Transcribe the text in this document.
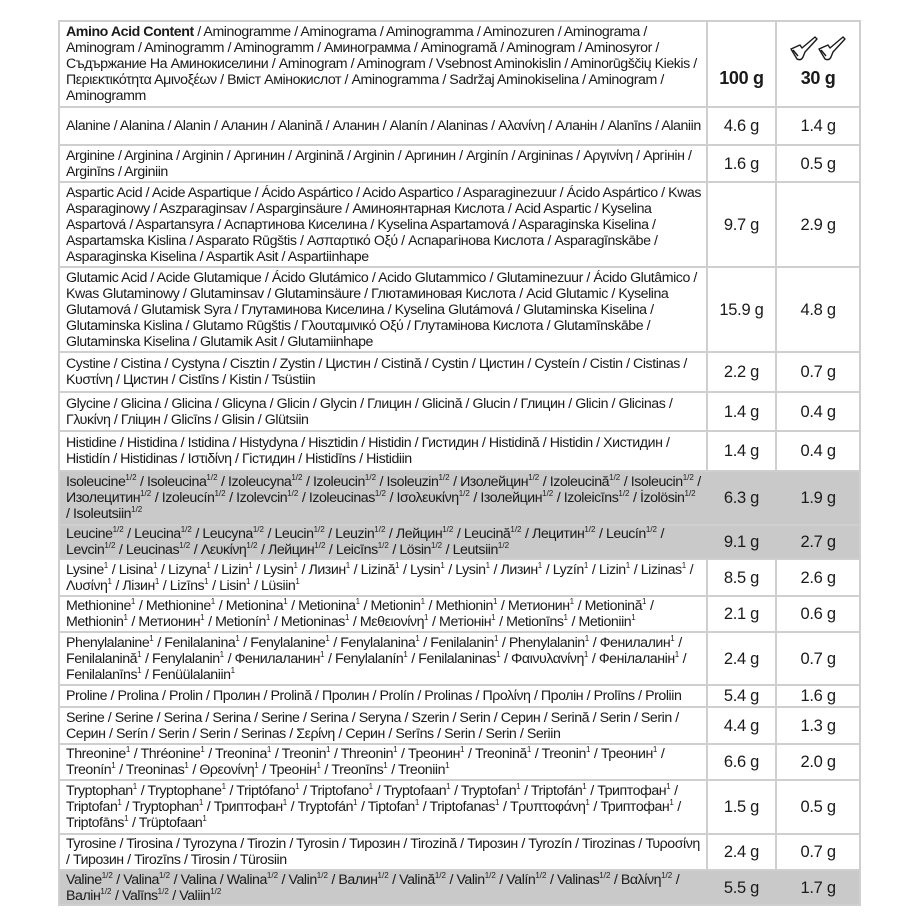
Amino Acid Content / Aminogramme / Aminograma / Aminogramma / Aminozuren / Aminograma / Aminogram / Aminogramm / Aminogramm / Аминограмма / Aminogramă / Aminogram / Aminosyror / Съдържание На Аминокиселини / Aminogram / Aminogram / Vsebnost Aminokislin / Aminorūgščių Kiekis / Περιεκτικότητα Αμινοξέων / Вміст Амінокислот / Aminogramma / Sadržaj Aminokiselina / Aminogram / Aminogramm	100 g	30 g
Alanine / Alanina / Alanin / Аланин / Alanină / Аланин / Alanín / Alaninas / Αλανίνη / Аланін / Alanīns / Alaniin	4.6 g	1.4 g
Arginine / Arginina / Arginin / Аргинин / Arginină / Arginin / Аргинин / Arginín / Argininas / Αργινίνη / Аргінін / Arginīns / Arginiin	1.6 g	0.5 g
Aspartic Acid / Acide Aspartique / Ácido Aspártico / Acido Aspartico / Asparaginezuur / Ácido Aspártico / Kwas Asparaginowy / Aszparaginsav / Asparginsäure / Аминоянтарная Кислота / Acid Aspartic / Kyselina Aspartová / Aspartansyra / Аспартинова Киселина / Kyselina Aspartamová / Asparaginska Kiselina / Aspartamska Kislina / Asparato Rūgštis / Ασπαρτικό Οξύ / Аспарагінова Кислота / Asparagīnskābe / Asparaginska Kiselina / Aspartik Asit / Aspartiinhape	9.7 g	2.9 g
Glutamic Acid / Acide Glutamique / Ácido Glutámico / Acido Glutammico / Glutaminezuur / Ácido Glutâmico / Kwas Glutaminowy / Glutaminsav / Glutaminsäure / Глютаминовая Кислота / Acid Glutamic / Kyselina Glutamová / Glutamisk Syra / Глутаминова Киселина / Kyselina Glutámová / Glutaminska Kiselina / Glutaminska Kislina / Glutamo Rūgštis / Γλουταμινικό Οξύ / Глутамінова Кислота / Glutamīnskābe / Glutaminska Kiselina / Glutamik Asit / Glutamiinhape	15.9 g	4.8 g
Cystine / Cistina / Cystyna / Cisztin / Zystin / Цистин / Cistină / Cystin / Цистин / Cysteín / Cistin / Cistinas / Κυστίνη / Цистин / Cistīns / Kistin / Tsüstiin	2.2 g	0.7 g
Glycine / Glicina / Glicina / Glicyna / Glicin / Glycin / Глицин / Glicină / Glucin / Глицин / Glicin / Glicinas / Γλυκίνη / Гліцин / Glicīns / Glisin / Glütsiin	1.4 g	0.4 g
Histidine / Histidina / Istidina / Histydyna / Hisztidin / Histidin / Гистидин / Histidină / Histidin / Хистидин / Histidín / Histidinas / Ιστιδίνη / Гістидин / Histidīns / Histidiin	1.4 g	0.4 g
Isoleucine$^{1/2}$ / Isoleucina$^{1/2}$ / Izoleucyna$^{1/2}$ / Izoleucin$^{1/2}$ / Isoleuzin$^{1/2}$ / Изолейцин$^{1/2}$ / Izoleucină$^{1/2}$ / Isoleucin$^{1/2}$ / Изолецитин$^{1/2}$ / Izoleucín$^{1/2}$ / Izolevcin$^{1/2}$ / Izoleucinas$^{1/2}$ / Ισολευκίνη$^{1/2}$ / Ізолейцин$^{1/2}$ / Izoleicīns$^{1/2}$ / İzolösin$^{1/2}$ / Isoleutsiin$^{1/2}$	6.3 g	1.9 g
Leucine$^{1/2}$ / Leucina$^{1/2}$ / Leucyna$^{1/2}$ / Leucin$^{1/2}$ / Leuzin$^{1/2}$ / Лейцин$^{1/2}$ / Leucină$^{1/2}$ / Лецитин$^{1/2}$ / Leucín$^{1/2}$ / Levcin$^{1/2}$ / Leucinas$^{1/2}$ / Λευκίνη$^{1/2}$ / Лейцин$^{1/2}$ / Leicīns$^{1/2}$ / Lösin$^{1/2}$ / Leutsiin$^{1/2}$	9.1 g	2.7 g
Lysine$^1$ / Lisina$^1$ / Lizyna$^1$ / Lizin$^1$ / Lysin$^1$ / Лизин$^1$ / Lizină$^1$ / Lysin$^1$ / Lysin$^1$ / Лизин$^1$ / Lyzín$^1$ / Lizin$^1$ / Lizinas$^1$ / Λυσίνη$^1$ / Лізин$^1$ / Lizīns$^1$ / Lisin$^1$ / Lüsiin$^1$	8.5 g	2.6 g
Methionine$^1$ / Methionine$^1$ / Metionina$^1$ / Metionina$^1$ / Metionin$^1$ / Methionin$^1$ / Метионин$^1$ / Metionină$^1$ / Methionin$^1$ / Метионин$^1$ / Metionín$^1$ / Metioninas$^1$ / Μεθειονίνη$^1$ / Метіонін$^1$ / Metionīns$^1$ / Metioniin$^1$	2.1 g	0.6 g
Phenylalanine$^1$ / Fenilalanina$^1$ / Fenylalanine$^1$ / Fenylalanina$^1$ / Fenilalanin$^1$ / Phenylalanin$^1$ / Фенилалин$^1$ / Fenilalanină$^1$ / Fenylalanin$^1$ / Фенилаланин$^1$ / Fenylalanín$^1$ / Fenilalaninas$^1$ / Φαινυλανίνη$^1$ / Фенілаланін$^1$ / Fenilalanīns$^1$ / Fenüülalaniin$^1$	2.4 g	0.7 g
Proline / Prolina / Prolin / Пролин / Prolină / Пролин / Prolín / Prolinas / Προλίνη / Пролін / Prolīns / Proliin	5.4 g	1.6 g
Serine / Serine / Serina / Serina / Serine / Serina / Seryna / Szerin / Serin / Серин / Serină / Serin / Serin / Серин / Serín / Serin / Serin / Serinas / Σερίνη / Серин / Serīns / Serin / Serin / Seriin	4.4 g	1.3 g
Threonine$^1$ / Thréonine$^1$ / Treonina$^1$ / Treonin$^1$ / Threonin$^1$ / Треонин$^1$ / Treonină$^1$ / Treonin$^1$ / Треонин$^1$ / Treonín$^1$ / Treoninas$^1$ / Θρεονίνη$^1$ / Треонін$^1$ / Treonīns$^1$ / Treoniin$^1$	6.6 g	2.0 g
Tryptophan$^1$ / Tryptophane$^1$ / Triptófano$^1$ / Triptofano$^1$ / Tryptofaan$^1$ / Tryptofan$^1$ / Triptofán$^1$ / Триптофан$^1$ / Triptofan$^1$ / Tryptophan$^1$ / Триптофан$^1$ / Tryptofán$^1$ / Tiptofan$^1$ / Triptofanas$^1$ / Τρυπτοφάνη$^1$ / Триптофан$^1$ / Triptofāns$^1$ / Trüptofaan$^1$	1.5 g	0.5 g
Tyrosine / Tirosina / Tyrozyna / Tirozin / Tyrosin / Тирозин / Tirozină / Тирозин / Tyrozín / Tirozinas / Τυροσίνη / Тирозин / Tirozīns / Tirosin / Türosiin	2.4 g	0.7 g
Valine$^{1/2}$ / Valina$^{1/2}$ / Valina / Walina$^{1/2}$ / Valin$^{1/2}$ / Валин$^{1/2}$ / Valină$^{1/2}$ / Valin$^{1/2}$ / Valín$^{1/2}$ / Valinas$^{1/2}$ / Βαλίνη$^{1/2}$ / Валін$^{1/2}$ / Valīns$^{1/2}$ / Valiin$^{1/2}$	5.5 g	1.7 g
